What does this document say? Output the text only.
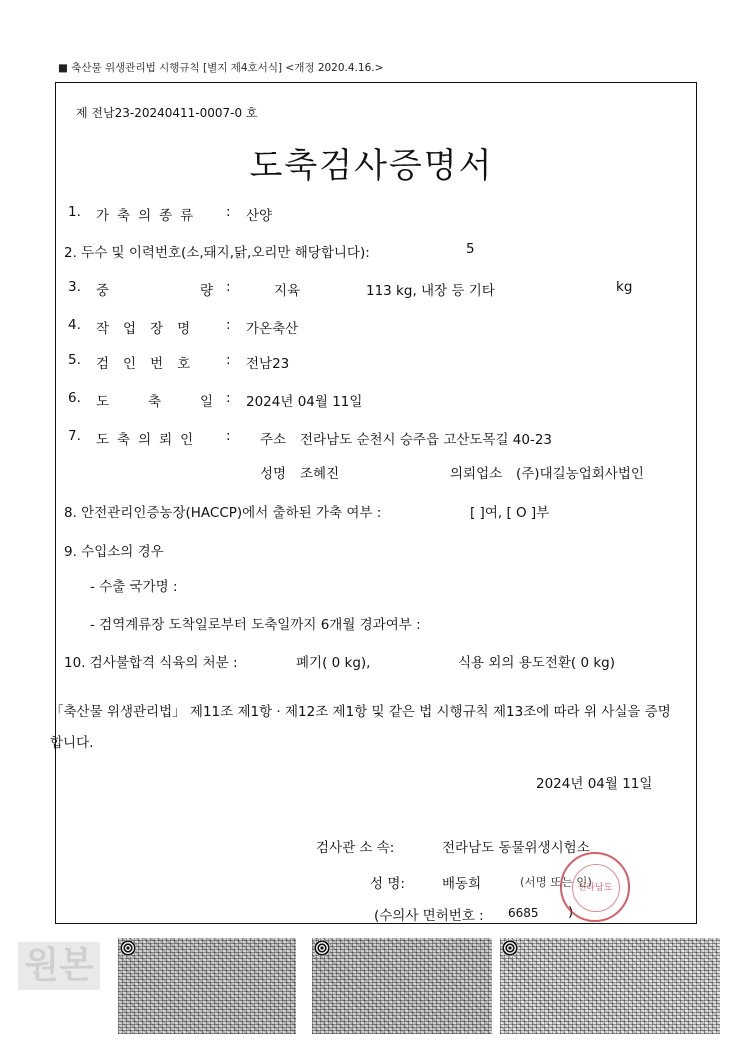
■ 축산물 위생관리법 시행규칙 [별지 제4호서식] <개정 2020.4.16.>
제 전남23-20240411-0007-0 호
도축검사증명서
1. 가축의종류 : 산양
2. 두수 및 이력번호(소,돼지,닭,오리만 해당합니다):	5
3. 중	량 :	지육	113 kg, 내장 등 기타	kg
4. 작업장명 : 가온축산
5. 검인번호 : 전남23
6. 도	축	일 : 2024년 04월 11일
7. 도축의뢰인 : 주소 전라남도 순천시 승주읍 고산도목길 40-23
성명 조혜진	의뢰업소 (주)대길농업회사법인
8. 안전관리인증농장(HACCP)에서 출하된 가축 여부 :	[ ]여, [ O ]부
9. 수입소의 경우
- 수출 국가명 :
- 검역계류장 도착일로부터 도축일까지 6개월 경과여부 :
10. 검사불합격 식육의 처분 :	폐기( 0 kg),	식용 외의 용도전환( 0 kg)
「축산물 위생관리법」 제11조 제1항 · 제12조 제1항 및 같은 법 시행규칙 제13조에 따라 위 사실을 증명
합니다.
2024년 04월 11일
검사관 소 속:	전라남도 동물위생시험소
성 명:	배동희	(서명 또는 인)
(수의사 면허번호 : 6685 )
전라남도
원본
